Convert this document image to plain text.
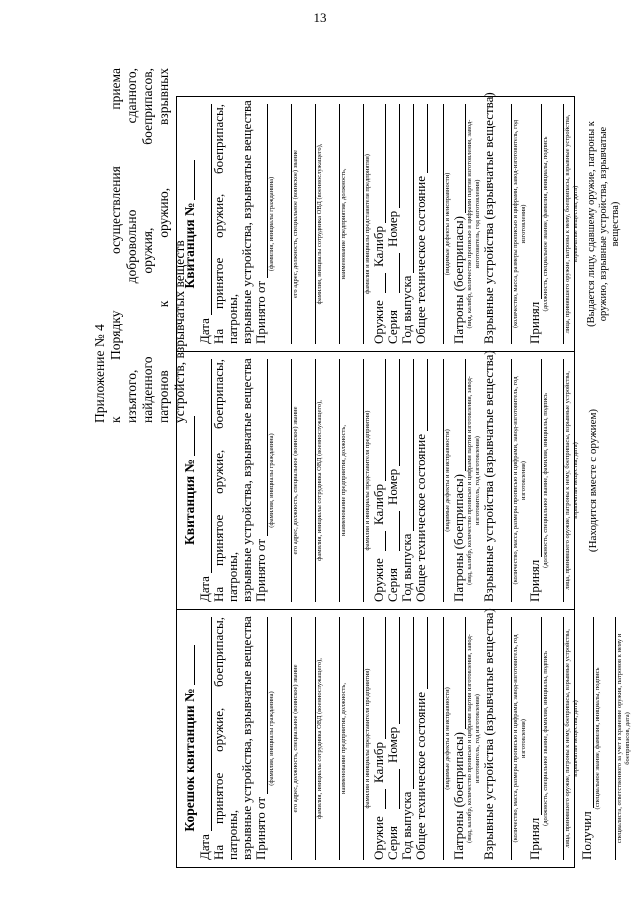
13
Приложение № 4 к Порядку осуществления приема изъятого, добровольно сданного, найденного оружия, боеприпасов, патронов к оружию, взрывных устройств, взрывчатых веществ
Корешок квитанции №
Дата На принятое оружие, боеприпасы, патроны, взрывные устройства, взрывчатые вещества Принято от
(фамилия, инициалы гражданина)	его адрес, должность, специальное (воинское) звание	фамилия, инициалы сотрудника ОВД (военнослужащего),	наименование предприятия, должность,	фамилия и инициалы представителя предприятия)
Оружие
Калибр
Серия
Номер
Год выпуска Общее техническое состояние (видимые дефекты и неисправности) Патроны (боеприпасы) (вид, калибр, количество прописью и цифрами партия изготовления, завод-изготовитель, год изготовления) Взрывные устройства (взрывчатые вещества) (количество, масса, размеры прописью и цифрами, завод-изготовитель, год изготовления)
Принял
(должность, специальное звание, фамилия, инициалы, подпись лица, принявшего оружие, патроны к нему, боеприпасы, взрывные устройства, взрывчатые вещества, дата)
Получил
(специальное звание, фамилия, инициалы, подпись специалиста, ответственного за учет и хранение оружия, патронов к нему и боеприпасов, дата)
Квитанция №
Дата На принятое оружие, боеприпасы, патроны, взрывные устройства, взрывчатые вещества Принято от
(фамилия, инициалы гражданина)	его адрес, должность, специальное (воинское) звание	фамилия, инициалы сотрудника ОВД (военнослужащего),	наименование предприятия, должность,	фамилия и инициалы представителя предприятия)
Оружие
Калибр
Серия
Номер
Год выпуска Общее техническое состояние (видимые дефекты и неисправности) Патроны (боеприпасы) (вид, калибр, количество прописью и цифрами партия изготовления, завод-изготовитель, год изготовления) Взрывные устройства (взрывчатые вещества) (количество, масса, размеры прописью и цифрами, завод-изготовитель, год изготовления)
Принял
(должность, специальное звание, фамилия, инициалы, подпись лица, принявшего оружие, патроны к нему, боеприпасы, взрывные устройства, взрывчатые вещества, дата) (Находится вместе с оружием)
Квитанция №
Дата На принятое оружие, боеприпасы, патроны, взрывные устройства, взрывчатые вещества Принято от
(фамилия, инициалы гражданина)	его адрес, должность, специальное (воинское) звание	фамилия, инициалы сотрудника ОВД (военнослужащего),	наименование предприятия, должность,	фамилия и инициалы представителя предприятия)
Оружие
Калибр
Серия
Номер
Год выпуска Общее техническое состояние (видимые дефекты и неисправности) Патроны (боеприпасы) (вид, калибр, количество прописью и цифрами партия изготовления, завод-изготовитель, год изготовления) Взрывные устройства (взрывчатые вещества) (количество, масса, размеры прописью и цифрами, завод-изготовитель, год изготовления)
Принял
(должность, специальное звание, фамилия, инициалы, подпись лица, принявшего оружие, патроны к нему, боеприпасы, взрывные устройства, взрывчатые вещества, дата) (Выдается лицу, сдавшему оружие, патроны к оружию, взрывные устройства, взрывчатые вещества)
